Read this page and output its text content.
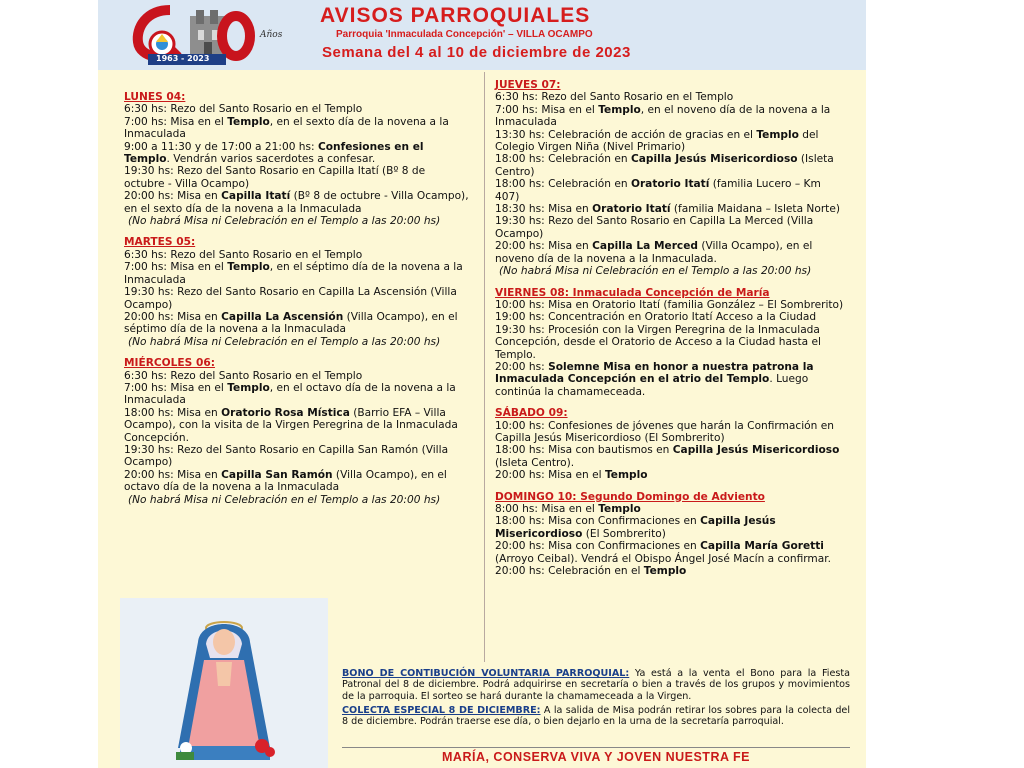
1963 - 2023
Años
AVISOS PARROQUIALES
Parroquia 'Inmaculada Concepción' – VILLA OCAMPO
Semana del 4 al 10 de diciembre de 2023
LUNES 04:
6:30 hs: Rezo del Santo Rosario en el Templo
7:00 hs: Misa en el Templo, en el sexto día de la novena a la Inmaculada
9:00 a 11:30 y de 17:00 a 21:00 hs: Confesiones en el Templo. Vendrán varios sacerdotes a confesar.
19:30 hs: Rezo del Santo Rosario en Capilla Itatí (Bº 8 de octubre - Villa Ocampo)
20:00 hs: Misa en Capilla Itatí (Bº 8 de octubre - Villa Ocampo), en el sexto día de la novena a la Inmaculada
(No habrá Misa ni Celebración en el Templo a las 20:00 hs)
MARTES 05:
6:30 hs: Rezo del Santo Rosario en el Templo
7:00 hs: Misa en el Templo, en el séptimo día de la novena a la Inmaculada
19:30 hs: Rezo del Santo Rosario en Capilla La Ascensión (Villa Ocampo)
20:00 hs: Misa en Capilla La Ascensión (Villa Ocampo), en el séptimo día de la novena a la Inmaculada
(No habrá Misa ni Celebración en el Templo a las 20:00 hs)
MIÉRCOLES 06:
6:30 hs: Rezo del Santo Rosario en el Templo
7:00 hs: Misa en el Templo, en el octavo día de la novena a la Inmaculada
18:00 hs: Misa en Oratorio Rosa Mística (Barrio EFA – Villa Ocampo), con la visita de la Virgen Peregrina de la Inmaculada Concepción.
19:30 hs: Rezo del Santo Rosario en Capilla San Ramón (Villa Ocampo)
20:00 hs: Misa en Capilla San Ramón (Villa Ocampo), en el octavo día de la novena a la Inmaculada
(No habrá Misa ni Celebración en el Templo a las 20:00 hs)
JUEVES 07:
6:30 hs: Rezo del Santo Rosario en el Templo
7:00 hs: Misa en el Templo, en el noveno día de la novena a la Inmaculada
13:30 hs: Celebración de acción de gracias en el Templo del Colegio Virgen Niña (Nivel Primario)
18:00 hs: Celebración en Capilla Jesús Misericordioso (Isleta Centro)
18:00 hs: Celebración en Oratorio Itatí (familia Lucero – Km 407)
18:30 hs: Misa en Oratorio Itatí (familia Maidana – Isleta Norte)
19:30 hs: Rezo del Santo Rosario en Capilla La Merced (Villa Ocampo)
20:00 hs: Misa en Capilla La Merced (Villa Ocampo), en el noveno día de la novena a la Inmaculada.
(No habrá Misa ni Celebración en el Templo a las 20:00 hs)
VIERNES 08: Inmaculada Concepción de María
10:00 hs: Misa en Oratorio Itatí (familia González – El Sombrerito)
19:00 hs: Concentración en Oratorio Itatí Acceso a la Ciudad
19:30 hs: Procesión con la Virgen Peregrina de la Inmaculada Concepción, desde el Oratorio de Acceso a la Ciudad hasta el Templo.
20:00 hs: Solemne Misa en honor a nuestra patrona la Inmaculada Concepción en el atrio del Templo. Luego continúa la chamameceada.
SÁBADO 09:
10:00 hs: Confesiones de jóvenes que harán la Confirmación en Capilla Jesús Misericordioso (El Sombrerito)
18:00 hs: Misa con bautismos en Capilla Jesús Misericordioso (Isleta Centro).
20:00 hs: Misa en el Templo
DOMINGO 10: Segundo Domingo de Adviento
8:00 hs: Misa en el Templo
18:00 hs: Misa con Confirmaciones en Capilla Jesús Misericordioso (El Sombrerito)
20:00 hs: Misa con Confirmaciones en Capilla María Goretti (Arroyo Ceibal). Vendrá el Obispo Ángel José Macín a confirmar.
20:00 hs: Celebración en el Templo
BONO DE CONTIBUCIÓN VOLUNTARIA PARROQUIAL: Ya está a la venta el Bono para la Fiesta Patronal del 8 de diciembre. Podrá adquirirse en secretaría o bien a través de los grupos y movimientos de la parroquia. El sorteo se hará durante la chamameceada a la Virgen.
COLECTA ESPECIAL 8 DE DICIEMBRE: A la salida de Misa podrán retirar los sobres para la colecta del 8 de diciembre. Podrán traerse ese día, o bien dejarlo en la urna de la secretaría parroquial.
MARÍA, CONSERVA VIVA Y JOVEN NUESTRA FE
